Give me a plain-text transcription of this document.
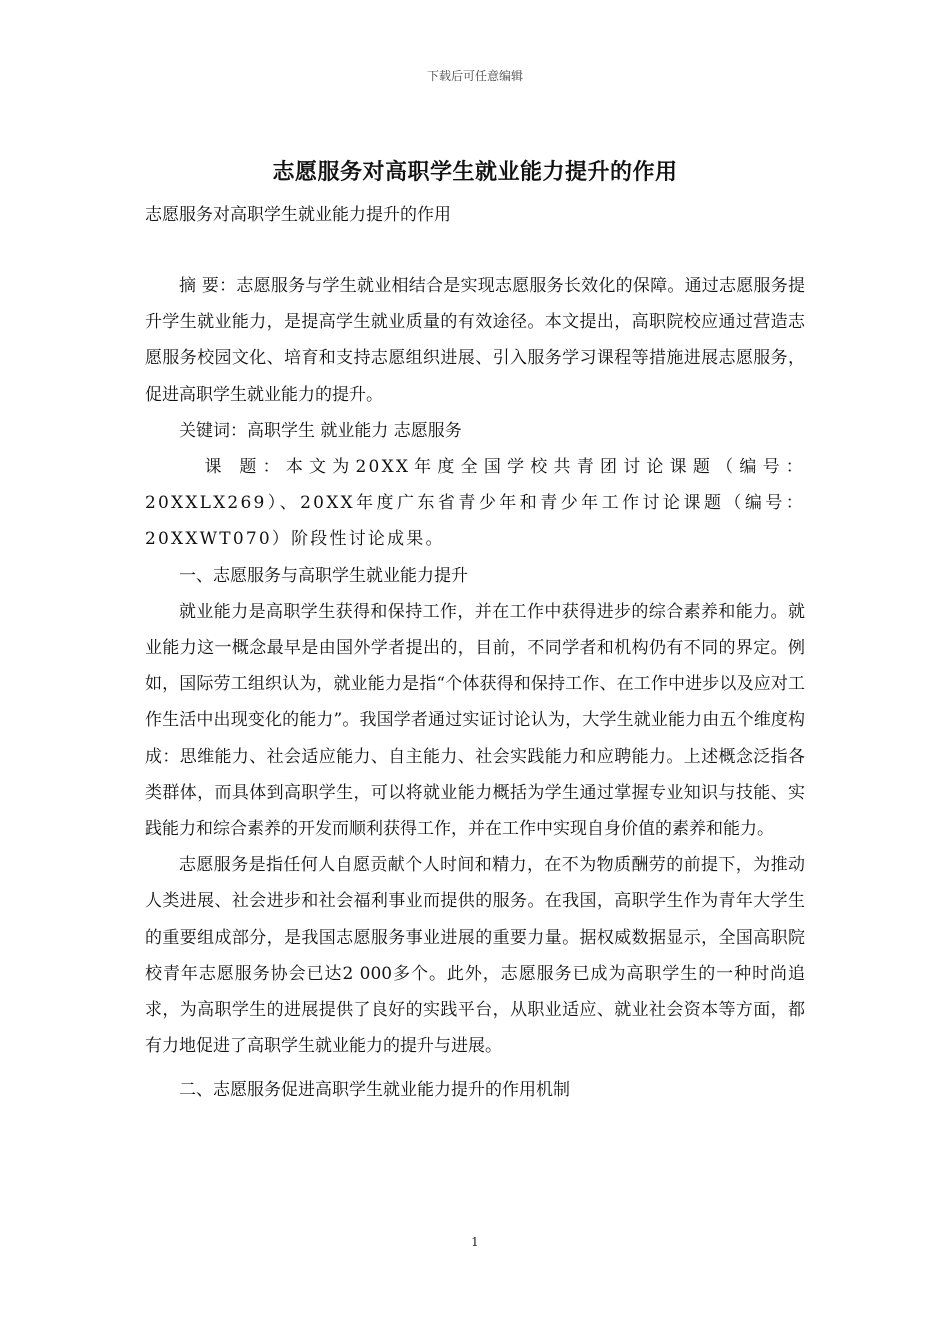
下载后可任意编辑
志愿服务对高职学生就业能力提升的作用

志愿服务对高职学生就业能力提升的作用

摘 要：志愿服务与学生就业相结合是实现志愿服务长效化的保障。通过志愿服务提升学生就业能力，是提高学生就业质量的有效途径。本文提出，高职院校应通过营造志愿服务校园文化、培育和支持志愿组织进展、引入服务学习课程等措施进展志愿服务，促进高职学生就业能力的提升。

关键词：高职学生 就业能力 志愿服务

课 题：本文为20XX年度全国学校共青团讨论课题（编号：20XXLX269）、20XX年度广东省青少年和青少年工作讨论课题（编号：20XXWT070）阶段性讨论成果。

一、志愿服务与高职学生就业能力提升

就业能力是高职学生获得和保持工作，并在工作中获得进步的综合素养和能力。就业能力这一概念最早是由国外学者提出的，目前，不同学者和机构仍有不同的界定。例如，国际劳工组织认为，就业能力是指“个体获得和保持工作、在工作中进步以及应对工作生活中出现变化的能力”。我国学者通过实证讨论认为，大学生就业能力由五个维度构成：思维能力、社会适应能力、自主能力、社会实践能力和应聘能力。上述概念泛指各类群体，而具体到高职学生，可以将就业能力概括为学生通过掌握专业知识与技能、实践能力和综合素养的开发而顺利获得工作，并在工作中实现自身价值的素养和能力。

志愿服务是指任何人自愿贡献个人时间和精力，在不为物质酬劳的前提下，为推动人类进展、社会进步和社会福利事业而提供的服务。在我国，高职学生作为青年大学生的重要组成部分，是我国志愿服务事业进展的重要力量。据权威数据显示，全国高职院校青年志愿服务协会已达2 000多个。此外，志愿服务已成为高职学生的一种时尚追求，为高职学生的进展提供了良好的实践平台，从职业适应、就业社会资本等方面，都有力地促进了高职学生就业能力的提升与进展。

二、志愿服务促进高职学生就业能力提升的作用机制
1
